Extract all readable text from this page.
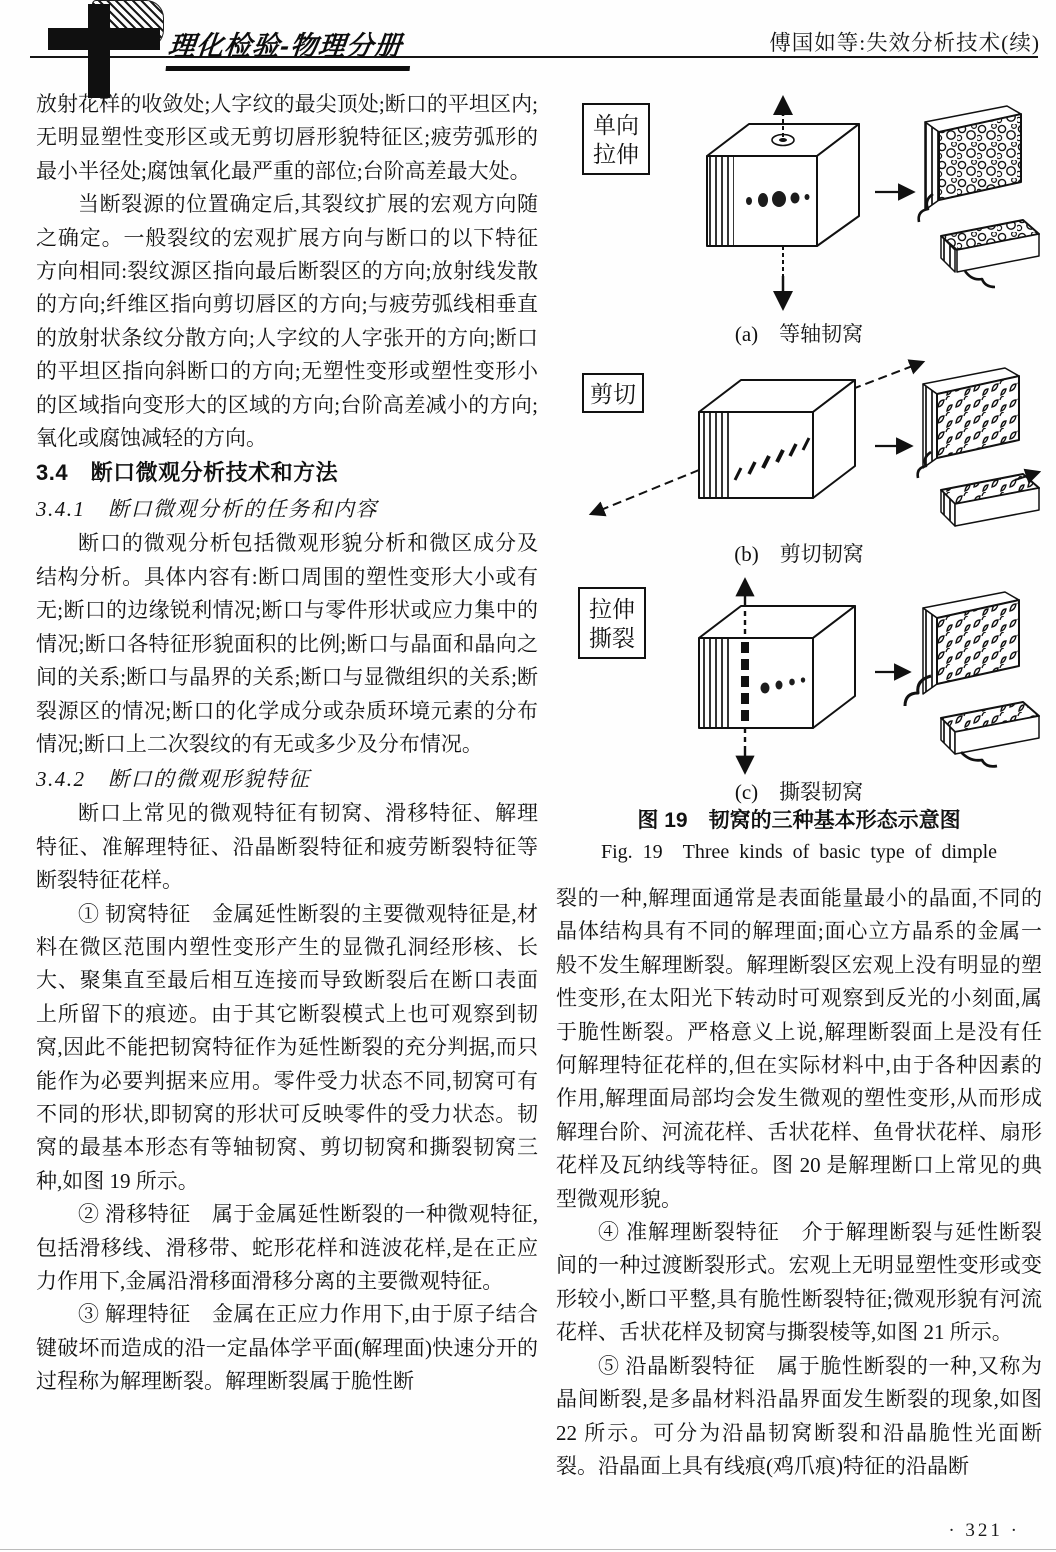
理化检验-物理分册	傅国如等:失效分析技术(续)

放射花样的收敛处;人字纹的最尖顶处;断口的平坦区内;无明显塑性变形区或无剪切唇形貌特征区;疲劳弧形的最小半径处;腐蚀氧化最严重的部位;台阶高差最大处。

当断裂源的位置确定后,其裂纹扩展的宏观方向随之确定。一般裂纹的宏观扩展方向与断口的以下特征方向相同:裂纹源区指向最后断裂区的方向;放射线发散的方向;纤维区指向剪切唇区的方向;与疲劳弧线相垂直的放射状条纹分散方向;人字纹的人字张开的方向;断口的平坦区指向斜断口的方向;无塑性变形或塑性变形小的区域指向变形大的区域的方向;台阶高差减小的方向;氧化或腐蚀减轻的方向。

3.4　断口微观分析技术和方法

3.4.1　断口微观分析的任务和内容

断口的微观分析包括微观形貌分析和微区成分及结构分析。具体内容有:断口周围的塑性变形大小或有无;断口的边缘锐利情况;断口与零件形状或应力集中的情况;断口各特征形貌面积的比例;断口与晶面和晶向之间的关系;断口与晶界的关系;断口与显微组织的关系;断裂源区的情况;断口的化学成分或杂质环境元素的分布情况;断口上二次裂纹的有无或多少及分布情况。

3.4.2　断口的微观形貌特征

断口上常见的微观特征有韧窝、滑移特征、解理特征、准解理特征、沿晶断裂特征和疲劳断裂特征等断裂特征花样。

① 韧窝特征　金属延性断裂的主要微观特征是,材料在微区范围内塑性变形产生的显微孔洞经形核、长大、聚集直至最后相互连接而导致断裂后在断口表面上所留下的痕迹。由于其它断裂模式上也可观察到韧窝,因此不能把韧窝特征作为延性断裂的充分判据,而只能作为必要判据来应用。零件受力状态不同,韧窝可有不同的形状,即韧窝的形状可反映零件的受力状态。韧窝的最基本形态有等轴韧窝、剪切韧窝和撕裂韧窝三种,如图 19 所示。

② 滑移特征　属于金属延性断裂的一种微观特征,包括滑移线、滑移带、蛇形花样和涟波花样,是在正应力作用下,金属沿滑移面滑移分离的主要微观特征。

③ 解理特征　金属在正应力作用下,由于原子结合键破坏而造成的沿一定晶体学平面(解理面)快速分开的过程称为解理断裂。解理断裂属于脆性断

单向
拉伸

(a)　等轴韧窝

剪切

(b)　剪切韧窝

拉伸
撕裂

(c)　撕裂韧窝

图 19　韧窝的三种基本形态示意图

Fig. 19　Three kinds of basic type of dimple

裂的一种,解理面通常是表面能量最小的晶面,不同的晶体结构具有不同的解理面;面心立方晶系的金属一般不发生解理断裂。解理断裂区宏观上没有明显的塑性变形,在太阳光下转动时可观察到反光的小刻面,属于脆性断裂。严格意义上说,解理断裂面上是没有任何解理特征花样的,但在实际材料中,由于各种因素的作用,解理面局部均会发生微观的塑性变形,从而形成解理台阶、河流花样、舌状花样、鱼骨状花样、扇形花样及瓦纳线等特征。图 20 是解理断口上常见的典型微观形貌。

④ 准解理断裂特征　介于解理断裂与延性断裂间的一种过渡断裂形式。宏观上无明显塑性变形或变形较小,断口平整,具有脆性断裂特征;微观形貌有河流花样、舌状花样及韧窝与撕裂棱等,如图 21 所示。

⑤ 沿晶断裂特征　属于脆性断裂的一种,又称为晶间断裂,是多晶材料沿晶界面发生断裂的现象,如图 22 所示。可分为沿晶韧窝断裂和沿晶脆性光面断裂。沿晶面上具有线痕(鸡爪痕)特征的沿晶断

· 321 ·
